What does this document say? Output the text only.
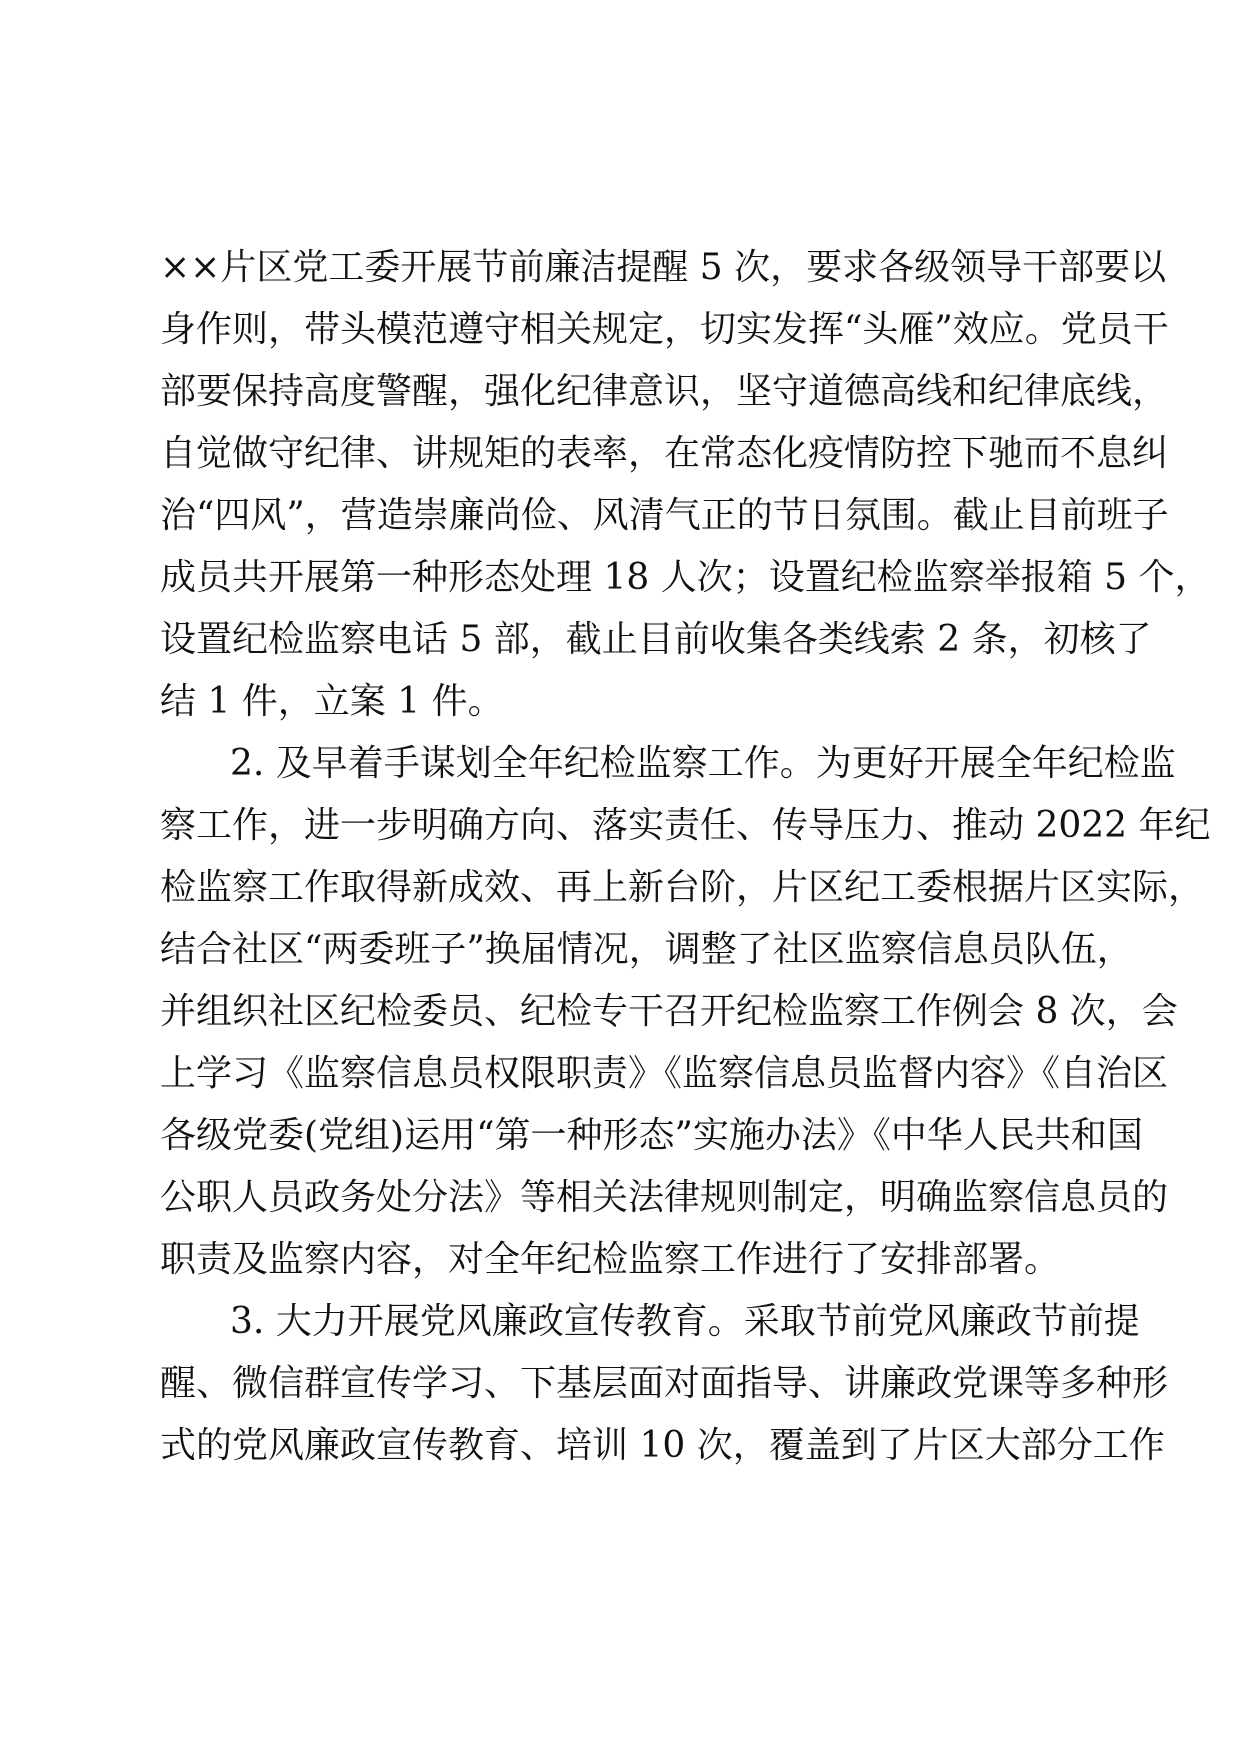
××片区党工委开展节前廉洁提醒 5 次，要求各级领导干部要以
身作则，带头模范遵守相关规定，切实发挥“头雁”效应。党员干
部要保持高度警醒，强化纪律意识，坚守道德高线和纪律底线，
自觉做守纪律、讲规矩的表率，在常态化疫情防控下驰而不息纠
治“四风”，营造崇廉尚俭、风清气正的节日氛围。截止目前班子
成员共开展第一种形态处理 18 人次；设置纪检监察举报箱 5 个，
设置纪检监察电话 5 部，截止目前收集各类线索 2 条，初核了
结 1 件，立案 1 件。
2. 及早着手谋划全年纪检监察工作。为更好开展全年纪检监
察工作，进一步明确方向、落实责任、传导压力、推动 2022 年纪
检监察工作取得新成效、再上新台阶，片区纪工委根据片区实际，
结合社区“两委班子”换届情况，调整了社区监察信息员队伍，
并组织社区纪检委员、纪检专干召开纪检监察工作例会 8 次，会
上学习《监察信息员权限职责》《监察信息员监督内容》《自治区
各级党委(党组)运用“第一种形态”实施办法》《中华人民共和国
公职人员政务处分法》等相关法律规则制定，明确监察信息员的
职责及监察内容，对全年纪检监察工作进行了安排部署。
3. 大力开展党风廉政宣传教育。采取节前党风廉政节前提
醒、微信群宣传学习、下基层面对面指导、讲廉政党课等多种形
式的党风廉政宣传教育、培训 10 次，覆盖到了片区大部分工作
